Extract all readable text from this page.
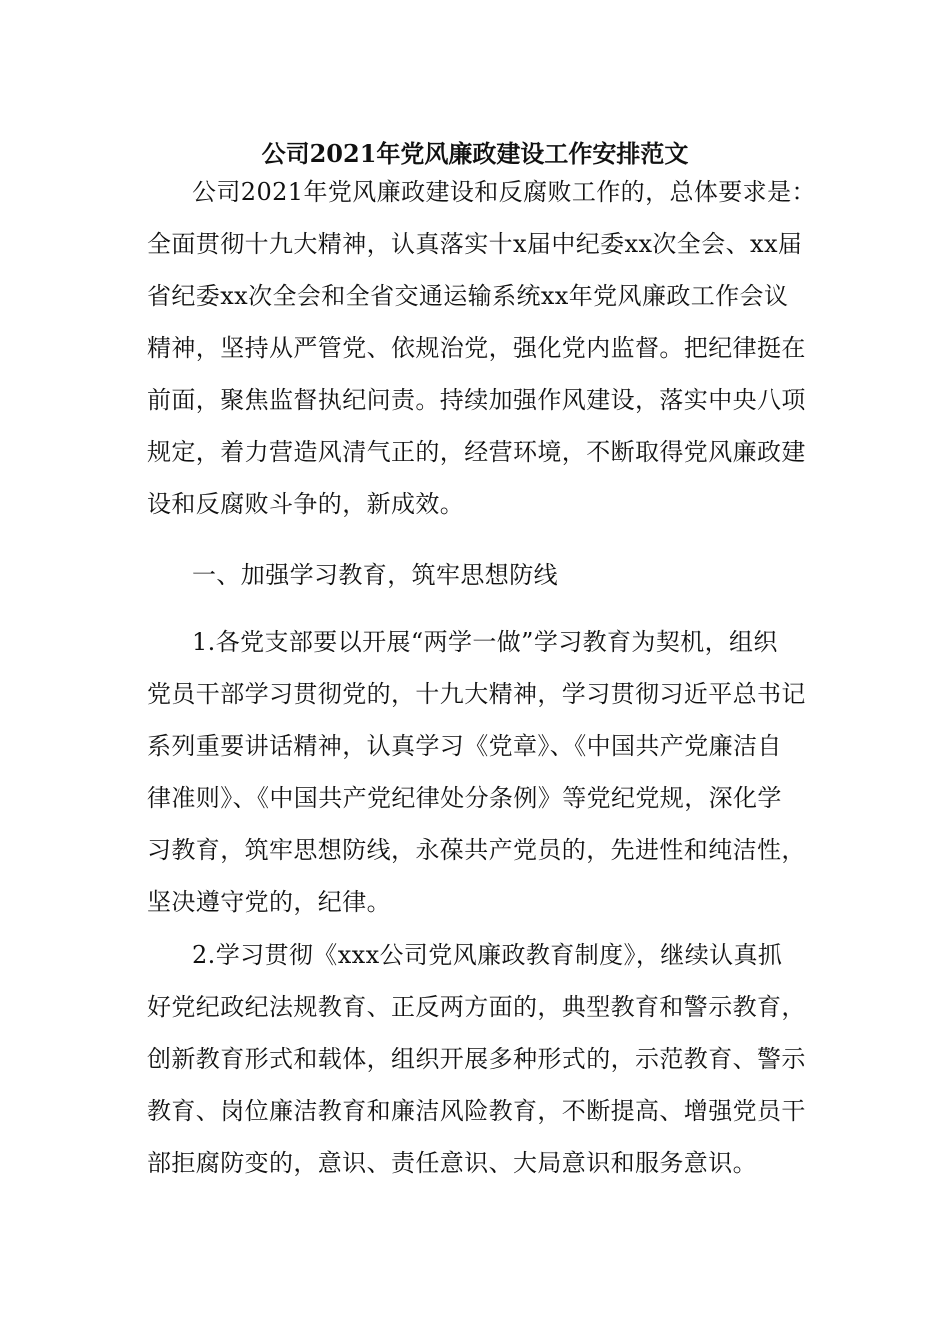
公司2021年党风廉政建设工作安排范文
公司2021年党风廉政建设和反腐败工作的，总体要求是：
全面贯彻十九大精神，认真落实十x届中纪委xx次全会、xx届
省纪委xx次全会和全省交通运输系统xx年党风廉政工作会议
精神，坚持从严管党、依规治党，强化党内监督。把纪律挺在
前面，聚焦监督执纪问责。持续加强作风建设，落实中央八项
规定，着力营造风清气正的，经营环境，不断取得党风廉政建
设和反腐败斗争的，新成效。
一、加强学习教育，筑牢思想防线
1.各党支部要以开展“两学一做”学习教育为契机，组织
党员干部学习贯彻党的，十九大精神，学习贯彻习近平总书记
系列重要讲话精神，认真学习《党章》、《中国共产党廉洁自
律准则》、《中国共产党纪律处分条例》等党纪党规，深化学
习教育，筑牢思想防线，永葆共产党员的，先进性和纯洁性，
坚决遵守党的，纪律。
2.学习贯彻《xxx公司党风廉政教育制度》，继续认真抓
好党纪政纪法规教育、正反两方面的，典型教育和警示教育，
创新教育形式和载体，组织开展多种形式的，示范教育、警示
教育、岗位廉洁教育和廉洁风险教育，不断提高、增强党员干
部拒腐防变的，意识、责任意识、大局意识和服务意识。
